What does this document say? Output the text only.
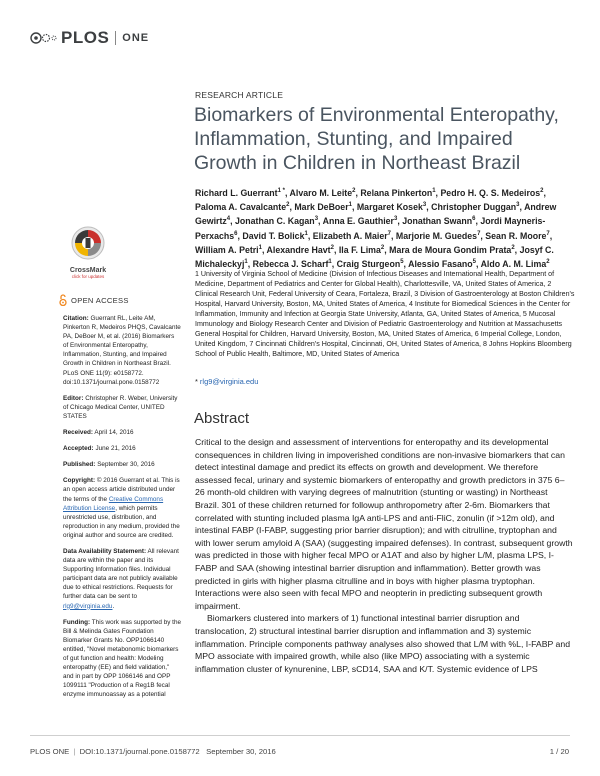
PLOS ONE
CrossMark
click for updates
OPEN ACCESS
Citation: Guerrant RL, Leite AM, Pinkerton R, Medeiros PHQS, Cavalcante PA, DeBoer M, et al. (2016) Biomarkers of Environmental Enteropathy, Inflammation, Stunting, and Impaired Growth in Children in Northeast Brazil. PLoS ONE 11(9): e0158772. doi:10.1371/journal.pone.0158772
Editor: Christopher R. Weber, University of Chicago Medical Center, UNITED STATES
Received: April 14, 2016
Accepted: June 21, 2016
Published: September 30, 2016
Copyright: © 2016 Guerrant et al. This is an open access article distributed under the terms of the Creative Commons Attribution License, which permits unrestricted use, distribution, and reproduction in any medium, provided the original author and source are credited.
Data Availability Statement: All relevant data are within the paper and its Supporting Information files. Individual participant data are not publicly available due to ethical restrictions. Requests for further data can be sent to rlg9@virginia.edu.
Funding: This work was supported by the Bill & Melinda Gates Foundation Biomarker Grants No. OPP1066140 entitled, "Novel metabonomic biomarkers of gut function and health: Modeling enteropathy (EE) and field validation," and in part by OPP 1066146 and OPP 1099111 "Production of a Reg1B fecal enzyme immunoassay as a potential
RESEARCH ARTICLE
Biomarkers of Environmental Enteropathy, Inflammation, Stunting, and Impaired Growth in Children in Northeast Brazil
Richard L. Guerrant$^{1 *}$, Alvaro M. Leite$^2$, Relana Pinkerton$^1$, Pedro H. Q. S. Medeiros$^2$, Paloma A. Cavalcante$^2$, Mark DeBoer$^1$, Margaret Kosek$^3$, Christopher Duggan$^3$, Andrew Gewirtz$^4$, Jonathan C. Kagan$^3$, Anna E. Gauthier$^3$, Jonathan Swann$^6$, Jordi Mayneris-Perxachs$^6$, David T. Bolick$^1$, Elizabeth A. Maier$^7$, Marjorie M. Guedes$^7$, Sean R. Moore$^7$, William A. Petri$^1$, Alexandre Havt$^2$, Ila F. Lima$^2$, Mara de Moura Gondim Prata$^2$, Josyf C. Michaleckyj$^1$, Rebecca J. Scharf$^1$, Craig Sturgeon$^5$, Alessio Fasano$^5$, Aldo A. M. Lima$^2$
1 University of Virginia School of Medicine (Division of Infectious Diseases and International Health, Department of Medicine, Department of Pediatrics and Center for Global Health), Charlottesville, VA, United States of America, 2 Clinical Research Unit, Federal University of Ceara, Fortaleza, Brazil, 3 Division of Gastroenterology at Boston Children's Hospital, Harvard University, Boston, MA, United States of America, 4 Institute for Biomedical Sciences in the Center for Inflammation, Immunity and Infection at Georgia State University, Atlanta, GA, United States of America, 5 Mucosal Immunology and Biology Research Center and Division of Pediatric Gastroenterology and Nutrition at Massachusetts General Hospital for Children, Harvard University, Boston, MA, United States of America, 6 Imperial College, London, United Kingdom, 7 Cincinnati Children's Hospital, Cincinnati, OH, United States of America, 8 Johns Hopkins Bloomberg School of Public Health, Baltimore, MD, United States of America
* rlg9@virginia.edu
Abstract

Critical to the design and assessment of interventions for enteropathy and its developmental consequences in children living in impoverished conditions are non-invasive biomarkers that can detect intestinal damage and predict its effects on growth and development. We therefore assessed fecal, urinary and systemic biomarkers of enteropathy and growth predictors in 375 6–26 month-old children with varying degrees of malnutrition (stunting or wasting) in Northeast Brazil. 301 of these children returned for followup anthropometry after 2-6m. Biomarkers that correlated with stunting included plasma IgA anti-LPS and anti-FliC, zonulin (if >12m old), and intestinal FABP (I-FABP, suggesting prior barrier disruption); and with citrulline, tryptophan and with lower serum amyloid A (SAA) (suggesting impaired defenses). In contrast, subsequent growth was predicted in those with higher fecal MPO or A1AT and also by higher L/M, plasma LPS, I-FABP and SAA (showing intestinal barrier disruption and inflammation). Better growth was predicted in girls with higher plasma citrulline and in boys with higher plasma tryptophan. Interactions were also seen with fecal MPO and neopterin in predicting subsequent growth impairment.

Biomarkers clustered into markers of 1) functional intestinal barrier disruption and translocation, 2) structural intestinal barrier disruption and inflammation and 3) systemic inflammation. Principle components pathway analyses also showed that L/M with %L, I-FABP and MPO associate with impaired growth, while also (like MPO) associating with a systemic inflammation cluster of kynurenine, LBP, sCD14, SAA and K/T. Systemic evidence of LPS

PLOS ONE | DOI:10.1371/journal.pone.0158772 September 30, 2016	1 / 20
